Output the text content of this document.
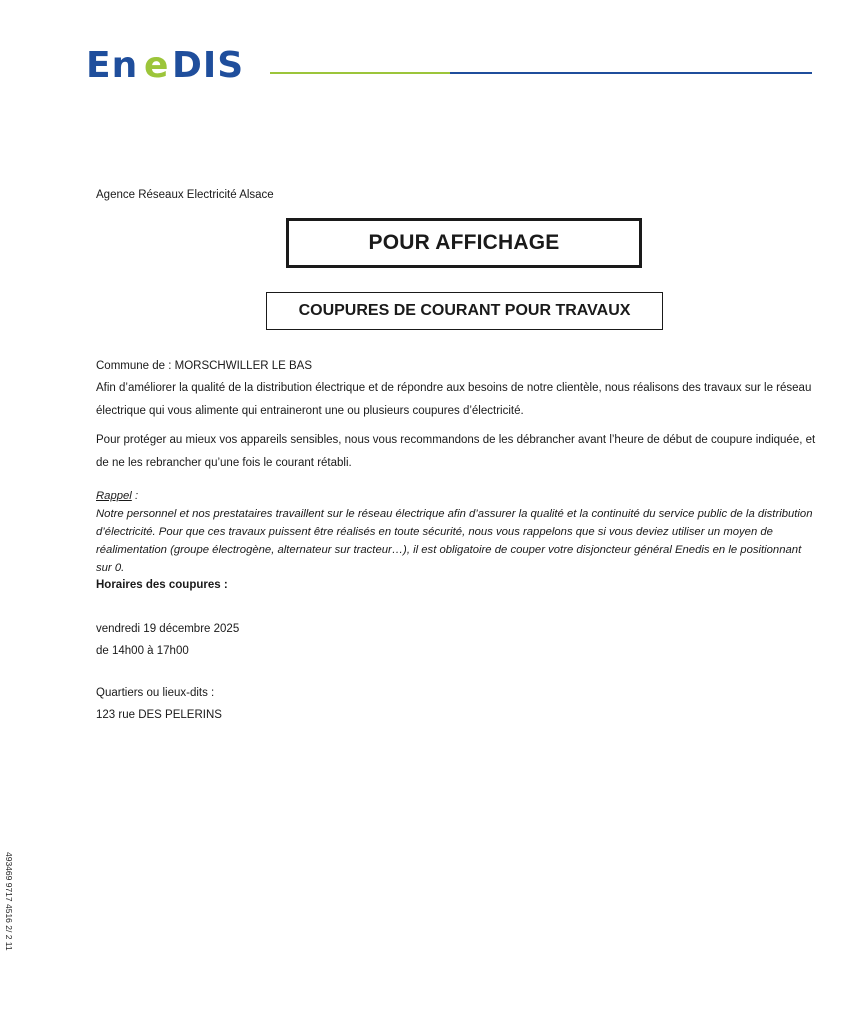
En e DIS
Agence Réseaux Electricité Alsace
POUR AFFICHAGE
COUPURES DE COURANT POUR TRAVAUX
Commune de : MORSCHWILLER LE BAS
Afin d’améliorer la qualité de la distribution électrique et de répondre aux besoins de notre clientèle, nous réalisons des travaux sur le réseau électrique qui vous alimente qui entraineront une ou plusieurs coupures d’électricité.
Pour protéger au mieux vos appareils sensibles, nous vous recommandons de les débrancher avant l’heure de début de coupure indiquée, et de ne les rebrancher qu’une fois le courant rétabli.
Rappel :
Notre personnel et nos prestataires travaillent sur le réseau électrique afin d’assurer la qualité et la continuité du service public de la distribution d’électricité. Pour que ces travaux puissent être réalisés en toute sécurité, nous vous rappelons que si vous deviez utiliser un moyen de réalimentation (groupe électrogène, alternateur sur tracteur…), il est obligatoire de couper votre disjoncteur général Enedis en le positionnant sur 0.
Horaires des coupures :
vendredi 19 décembre 2025
de 14h00 à 17h00
Quartiers ou lieux-dits :
123 rue DES PELERINS
493469 9717 4516 2/ 2 11
